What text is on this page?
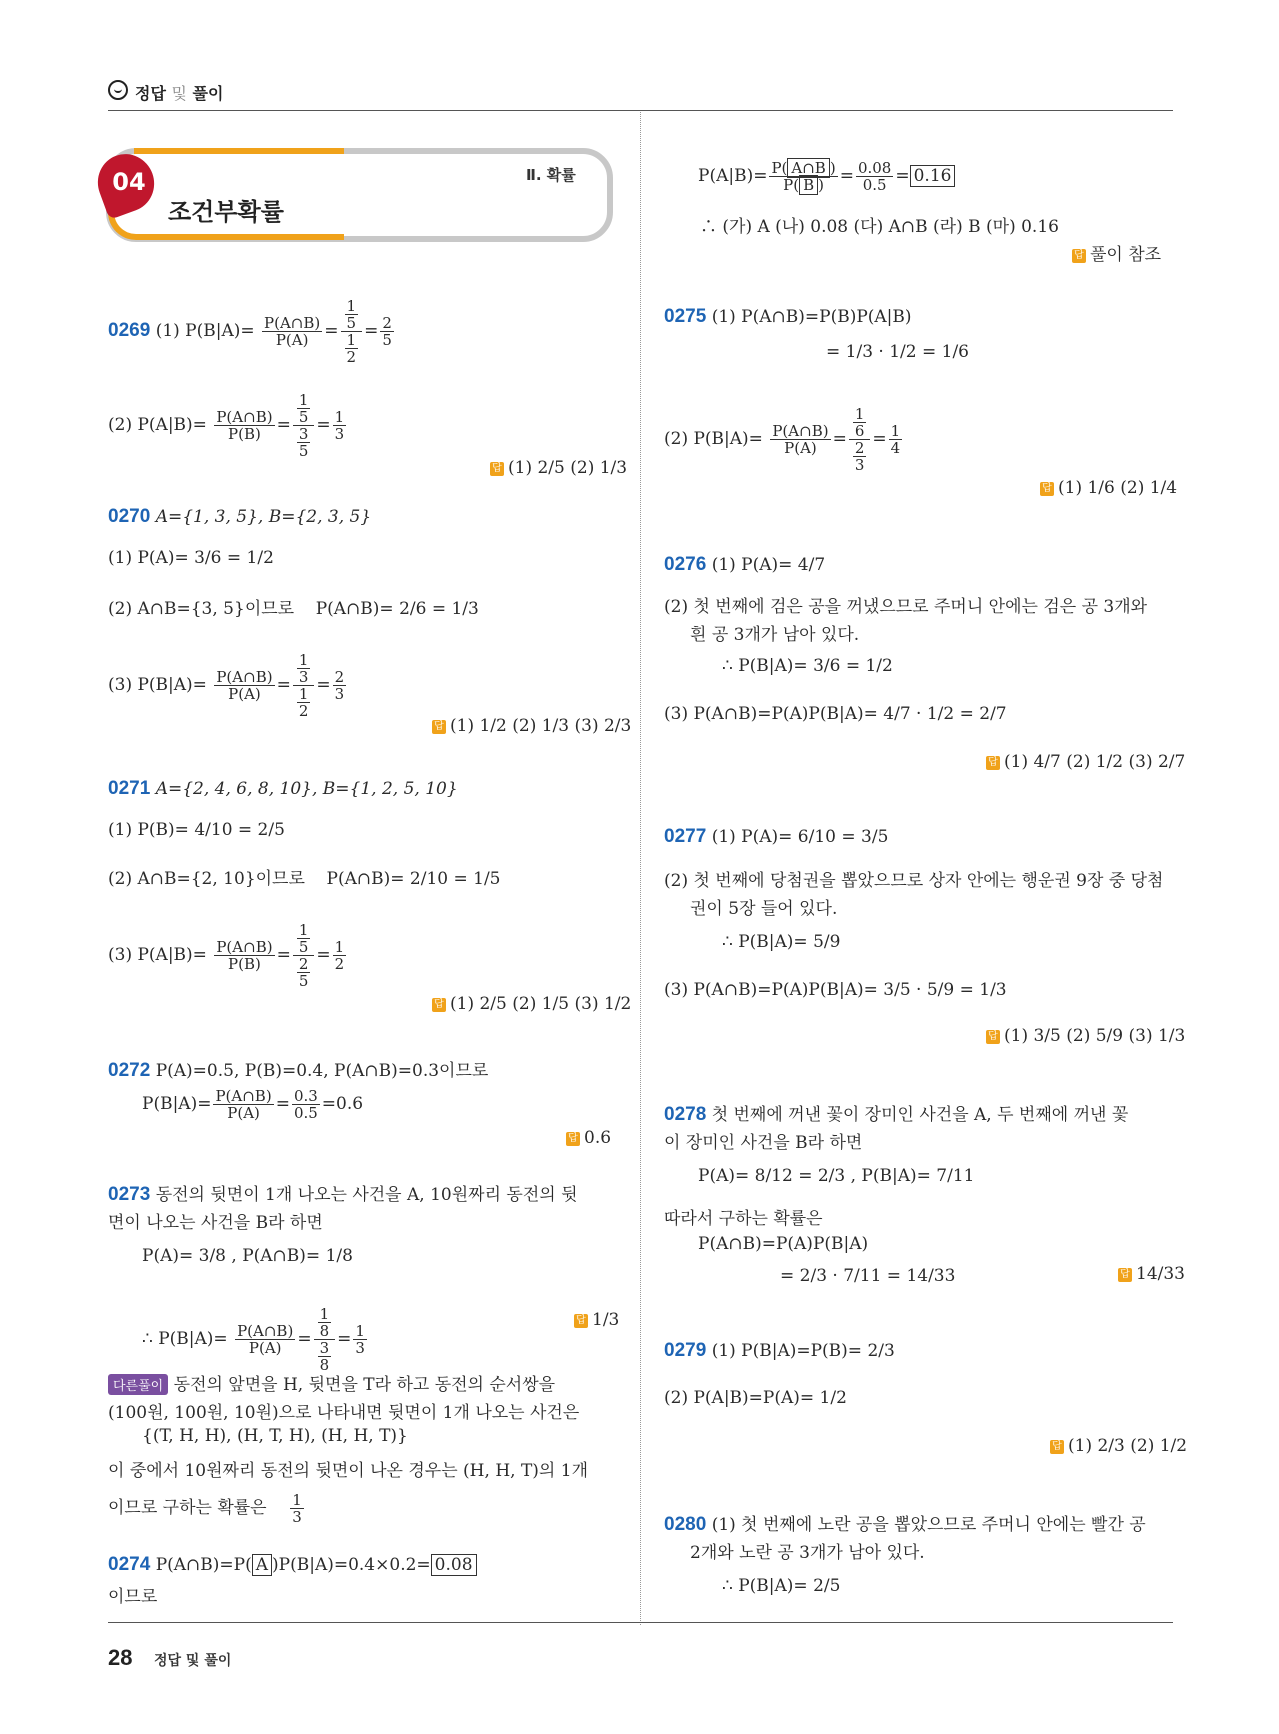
정답 및 풀이
04
조건부확률
Ⅱ. 확률
0269 (1) $P(B|A)= \frac{P(A\cap B)}{P(A)} = \frac{\frac{1}{5}}{\frac{1}{2}} = \frac{2}{5}$
(2) $P(A|B)= \frac{P(A\cap B)}{P(B)} = \frac{\frac{1}{5}}{\frac{3}{5}} = \frac{1}{3}$
답 (1) 2/5 (2) 1/3
0270 A={1, 3, 5}, B={2, 3, 5}
(1) P(A)= 3/6 = 1/2
(2) A∩B={3, 5}이므로 P(A∩B)= 2/6 = 1/3
(3) $P(B|A)= \frac{P(A\cap B)}{P(A)} = \frac{\frac{1}{3}}{\frac{1}{2}} = \frac{2}{3}$
답 (1) 1/2 (2) 1/3 (3) 2/3
0271 A={2, 4, 6, 8, 10}, B={1, 2, 5, 10}
(1) P(B)= 4/10 = 2/5
(2) A∩B={2, 10}이므로 P(A∩B)= 2/10 = 1/5
(3) $P(A|B)= \frac{P(A\cap B)}{P(B)} = \frac{\frac{1}{5}}{\frac{2}{5}} = \frac{1}{2}$
답 (1) 2/5 (2) 1/5 (3) 1/2
0272 P(A)=0.5, P(B)=0.4, P(A∩B)=0.3이므로
$P(B|A)= \frac{P(A\cap B)}{P(A)} = \frac{0.3}{0.5} =0.6$
답 0.6
0273 동전의 뒷면이 1개 나오는 사건을 A, 10원짜리 동전의 뒷
면이 나오는 사건을 B라 하면
P(A)= 3/8 , P(A∩B)= 1/8
∴ $P(B|A)= \frac{P(A\cap B)}{P(A)} = \frac{\frac{1}{8}}{\frac{3}{8}} = \frac{1}{3}$
답 1/3
다른풀이 동전의 앞면을 H, 뒷면을 T라 하고 동전의 순서쌍을
(100원, 100원, 10원)으로 나타내면 뒷면이 1개 나오는 사건은
{(T, H, H), (H, T, H), (H, H, T)}
이 중에서 10원짜리 동전의 뒷면이 나온 경우는 (H, H, T)의 1개
이므로 구하는 확률은 $\frac{1}{3}$
0274 P(A∩B)=P( A )P(B|A)=0.4×0.2= 0.08
이므로
$P(A|B)= \frac{P( A\cap B )}{P( B )} = \frac{0.08}{0.5} = 0.16$
∴ (가) A (나) 0.08 (다) A∩B (라) B (마) 0.16
답 풀이 참조
0275 (1) P(A∩B)=P(B)P(A|B)
= 1/3 · 1/2 = 1/6
(2) $P(B|A)= \frac{P(A\cap B)}{P(A)} = \frac{\frac{1}{6}}{\frac{2}{3}} = \frac{1}{4}$
답 (1) 1/6 (2) 1/4
0276 (1) P(A)= 4/7
(2) 첫 번째에 검은 공을 꺼냈으므로 주머니 안에는 검은 공 3개와
흰 공 3개가 남아 있다.
∴ P(B|A)= 3/6 = 1/2
(3) P(A∩B)=P(A)P(B|A)= 4/7 · 1/2 = 2/7
답 (1) 4/7 (2) 1/2 (3) 2/7
0277 (1) P(A)= 6/10 = 3/5
(2) 첫 번째에 당첨권을 뽑았으므로 상자 안에는 행운권 9장 중 당첨
권이 5장 들어 있다.
∴ P(B|A)= 5/9
(3) P(A∩B)=P(A)P(B|A)= 3/5 · 5/9 = 1/3
답 (1) 3/5 (2) 5/9 (3) 1/3
0278 첫 번째에 꺼낸 꽃이 장미인 사건을 A, 두 번째에 꺼낸 꽃
이 장미인 사건을 B라 하면
P(A)= 8/12 = 2/3 , P(B|A)= 7/11
따라서 구하는 확률은
P(A∩B)=P(A)P(B|A)
= 2/3 · 7/11 = 14/33	답 14/33
0279 (1) P(B|A)=P(B)= 2/3
(2) P(A|B)=P(A)= 1/2
답 (1) 2/3 (2) 1/2
0280 (1) 첫 번째에 노란 공을 뽑았으므로 주머니 안에는 빨간 공
2개와 노란 공 3개가 남아 있다.
∴ P(B|A)= 2/5
28 정답 및 풀이
